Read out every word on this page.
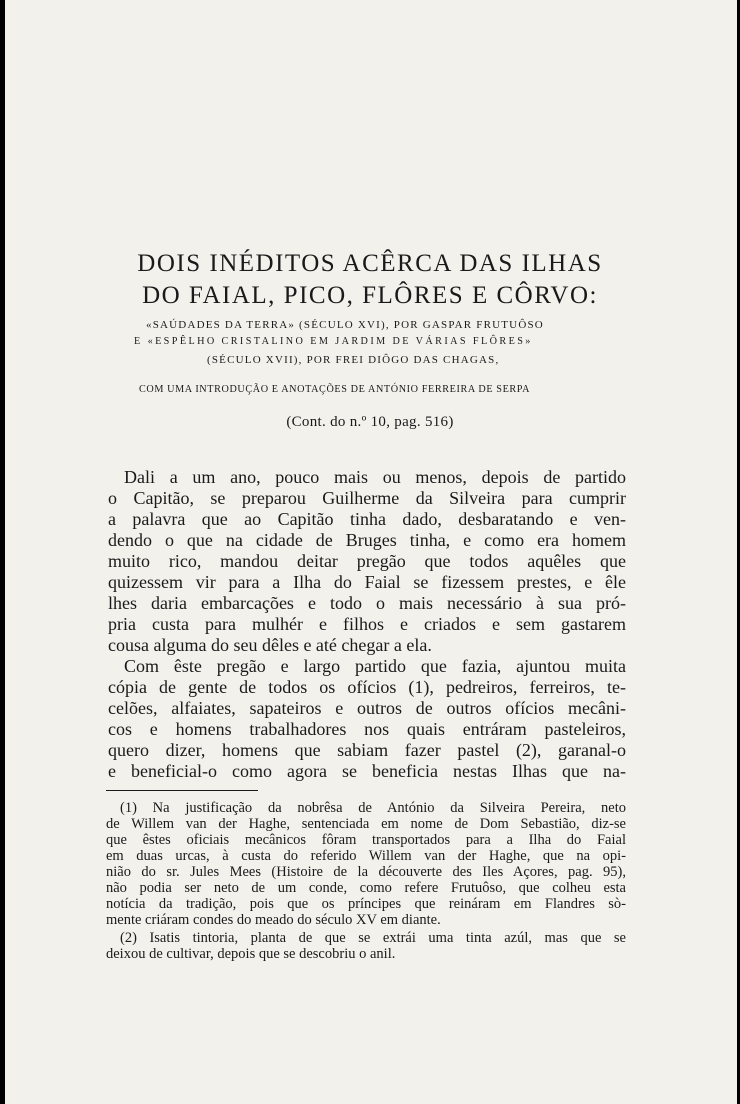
DOIS INÉDITOS ACÊRCA DAS ILHAS
DO FAIAL, PICO, FLÔRES E CÔRVO:
«SAÚDADES DA TERRA» (SÉCULO XVI), POR GASPAR FRUTUÔSO
E «ESPÊLHO CRISTALINO EM JARDIM DE VÁRIAS FLÔRES»
(SÉCULO XVII), POR FREI DIÔGO DAS CHAGAS,
COM UMA INTRODUÇÃO E ANOTAÇÕES DE ANTÓNIO FERREIRA DE SERPA
(Cont. do n.º 10, pag. 516)
Dali a um ano, pouco mais ou menos, depois de partido
o Capitão, se preparou Guilherme da Silveira para cumprir
a palavra que ao Capitão tinha dado, desbaratando e ven-
dendo o que na cidade de Bruges tinha, e como era homem
muito rico, mandou deitar pregão que todos aquêles que
quizessem vir para a Ilha do Faial se fizessem prestes, e êle
lhes daria embarcações e todo o mais necessário à sua pró-
pria custa para mulhér e filhos e criados e sem gastarem
cousa alguma do seu dêles e até chegar a ela.
Com êste pregão e largo partido que fazia, ajuntou muita
cópia de gente de todos os ofícios (1), pedreiros, ferreiros, te-
celões, alfaiates, sapateiros e outros de outros ofícios mecâni-
cos e homens trabalhadores nos quais entráram pasteleiros,
quero dizer, homens que sabiam fazer pastel (2), garanal-o
e beneficial-o como agora se beneficia nestas Ilhas que na-
(1) Na justificação da nobrêsa de António da Silveira Pereira, neto
de Willem van der Haghe, sentenciada em nome de Dom Sebastião, diz-se
que êstes oficiais mecânicos fôram transportados para a Ilha do Faial
em duas urcas, à custa do referido Willem van der Haghe, que na opi-
nião do sr. Jules Mees (Histoire de la découverte des Iles Açores, pag. 95),
não podia ser neto de um conde, como refere Frutuôso, que colheu esta
notícia da tradição, pois que os príncipes que reináram em Flandres sò-
mente criáram condes do meado do século XV em diante.
(2) Isatis tintoria, planta de que se extrái uma tinta azúl, mas que se
deixou de cultivar, depois que se descobriu o anil.
